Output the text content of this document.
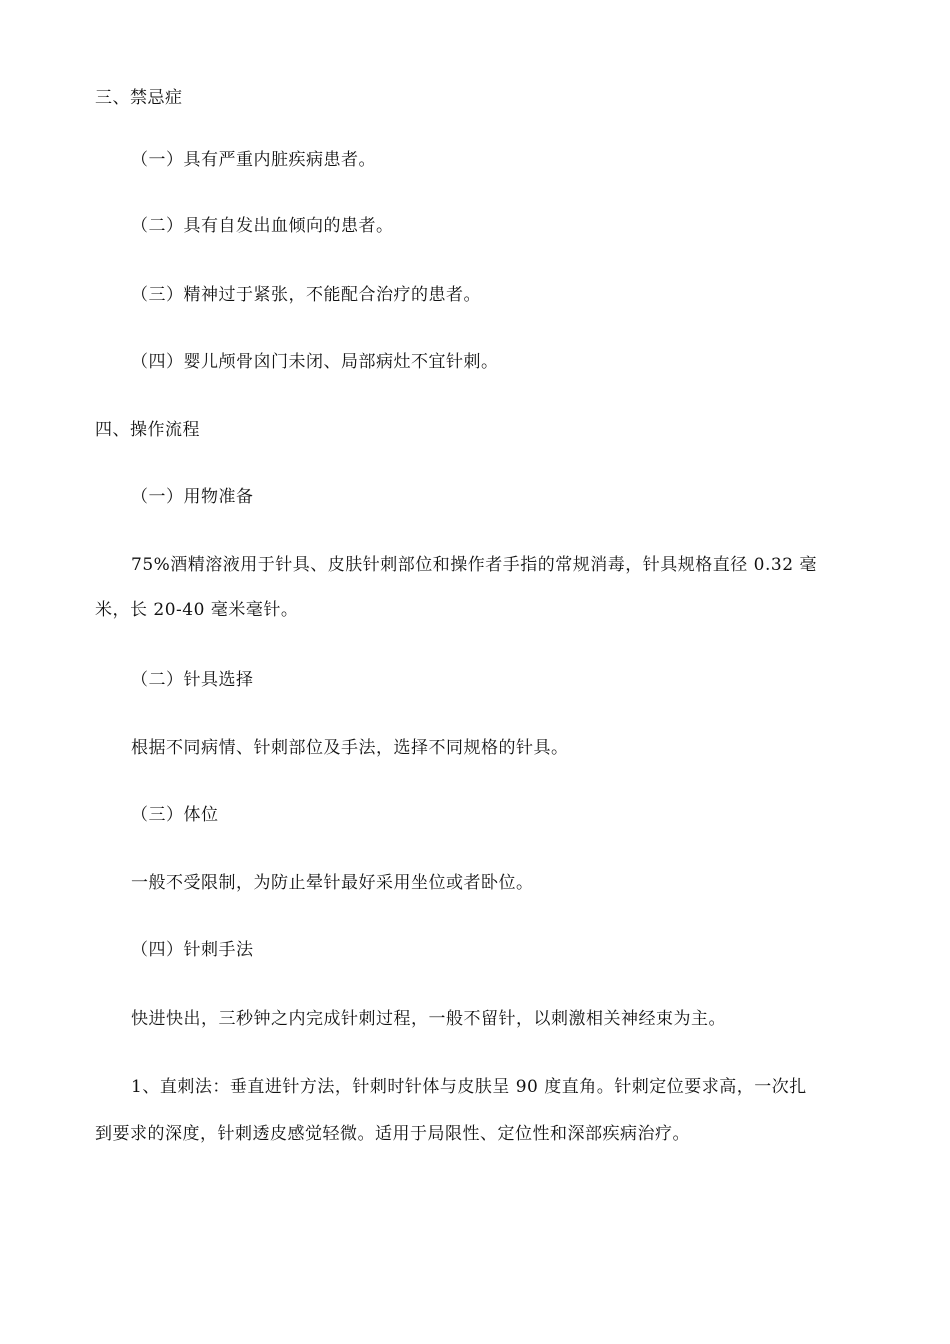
三、禁忌症
（一）具有严重内脏疾病患者。
（二）具有自发出血倾向的患者。
（三）精神过于紧张，不能配合治疗的患者。
（四）婴儿颅骨囟门未闭、局部病灶不宜针刺。
四、操作流程
（一）用物准备
75%酒精溶液用于针具、皮肤针刺部位和操作者手指的常规消毒，针具规格直径 0.32 毫
米，长 20-40 毫米毫针。
（二）针具选择
根据不同病情、针刺部位及手法，选择不同规格的针具。
（三）体位
一般不受限制，为防止晕针最好采用坐位或者卧位。
（四）针刺手法
快进快出，三秒钟之内完成针刺过程，一般不留针，以刺激相关神经束为主。
1、直刺法：垂直进针方法，针刺时针体与皮肤呈 90 度直角。针刺定位要求高，一次扎
到要求的深度，针刺透皮感觉轻微。适用于局限性、定位性和深部疾病治疗。
